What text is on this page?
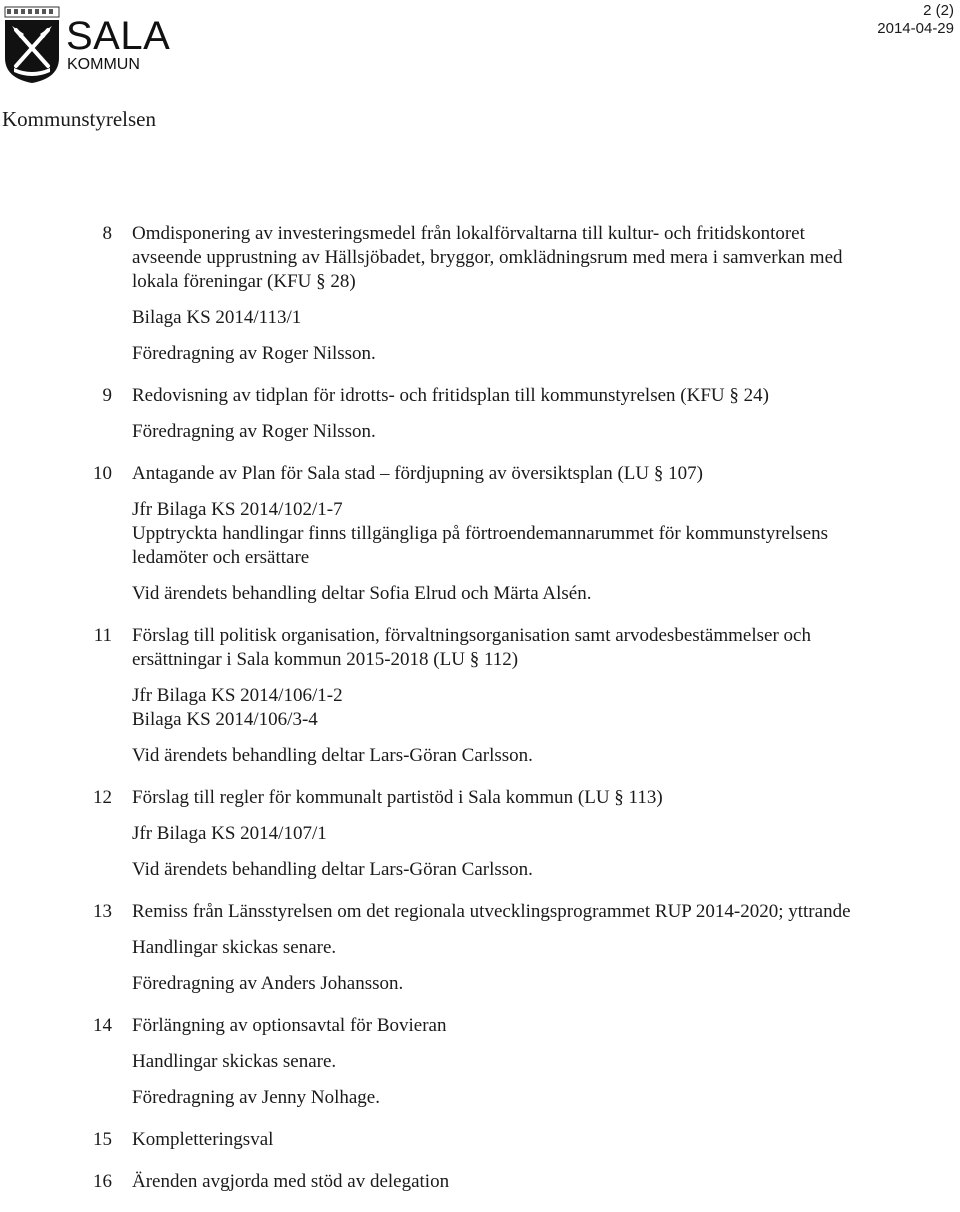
SALA
KOMMUN
2 (2)
2014-04-29
Kommunstyrelsen
8 Omdisponering av investeringsmedel från lokalförvaltarna till kultur- och fritidskontoret avseende upprustning av Hällsjöbadet, bryggor, omklädningsrum med mera i samverkan med lokala föreningar (KFU § 28)
Bilaga KS 2014/113/1
Föredragning av Roger Nilsson.
9 Redovisning av tidplan för idrotts- och fritidsplan till kommunstyrelsen (KFU § 24)
Föredragning av Roger Nilsson.
10 Antagande av Plan för Sala stad – fördjupning av översiktsplan (LU § 107)
Jfr Bilaga KS 2014/102/1-7
Upptryckta handlingar finns tillgängliga på förtroendemannarummet för kommunstyrelsens ledamöter och ersättare
Vid ärendets behandling deltar Sofia Elrud och Märta Alsén.
11 Förslag till politisk organisation, förvaltningsorganisation samt arvodesbestämmelser och ersättningar i Sala kommun 2015-2018 (LU § 112)
Jfr Bilaga KS 2014/106/1-2
Bilaga KS 2014/106/3-4
Vid ärendets behandling deltar Lars-Göran Carlsson.
12 Förslag till regler för kommunalt partistöd i Sala kommun (LU § 113)
Jfr Bilaga KS 2014/107/1
Vid ärendets behandling deltar Lars-Göran Carlsson.
13 Remiss från Länsstyrelsen om det regionala utvecklingsprogrammet RUP 2014-2020; yttrande
Handlingar skickas senare.
Föredragning av Anders Johansson.
14 Förlängning av optionsavtal för Bovieran
Handlingar skickas senare.
Föredragning av Jenny Nolhage.
15 Kompletteringsval
16 Ärenden avgjorda med stöd av delegation
